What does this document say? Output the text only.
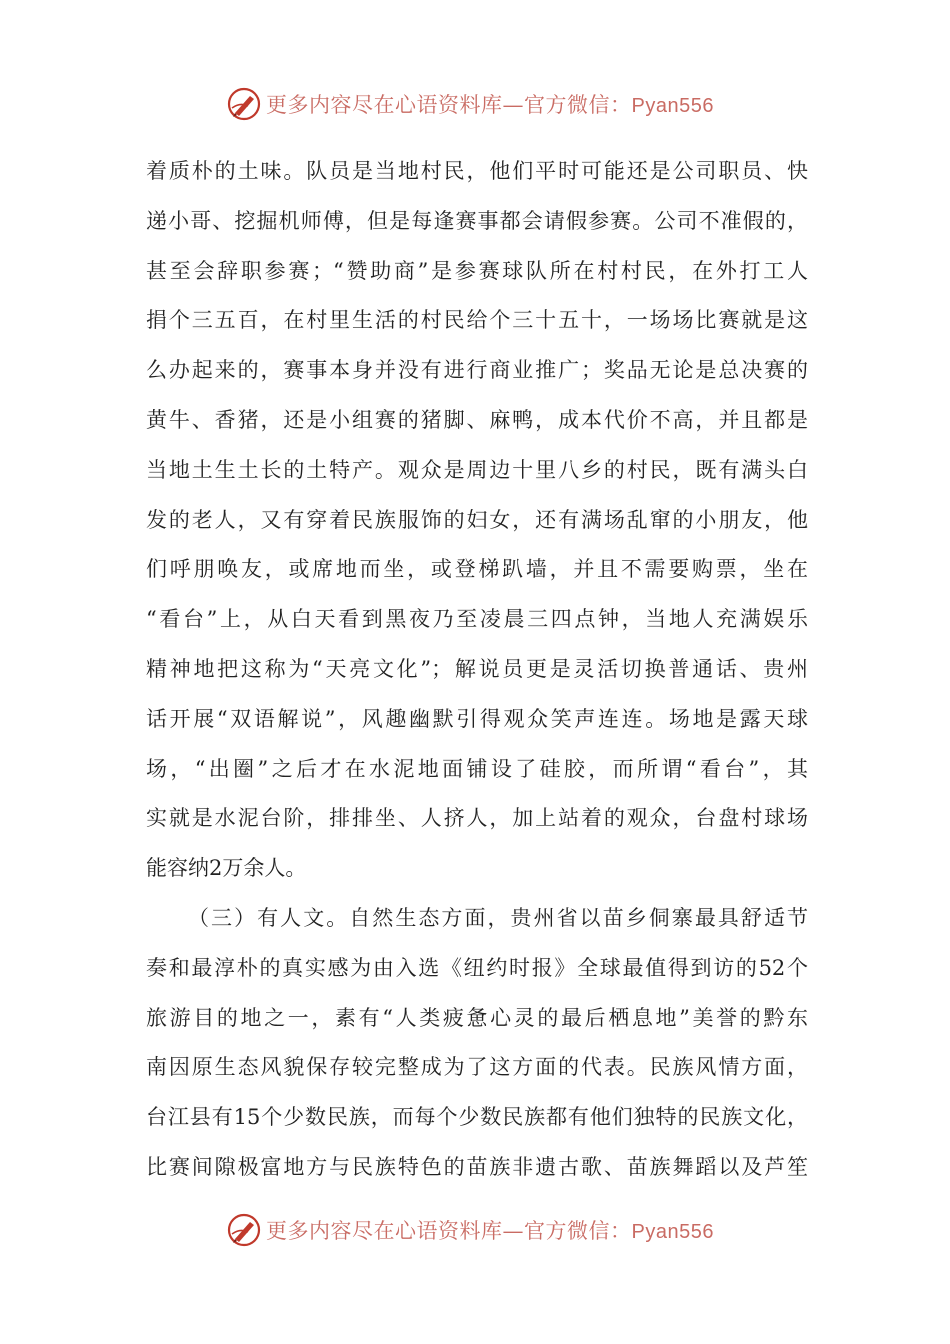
更多内容尽在心语资料库—官方微信：Pyan556
着质朴的土味。队员是当地村民，他们平时可能还是公司职员、快
递小哥、挖掘机师傅，但是每逢赛事都会请假参赛。公司不准假的，
甚至会辞职参赛；“赞助商”是参赛球队所在村村民，在外打工人
捐个三五百，在村里生活的村民给个三十五十，一场场比赛就是这
么办起来的，赛事本身并没有进行商业推广；奖品无论是总决赛的
黄牛、香猪，还是小组赛的猪脚、麻鸭，成本代价不高，并且都是
当地土生土长的土特产。观众是周边十里八乡的村民，既有满头白
发的老人，又有穿着民族服饰的妇女，还有满场乱窜的小朋友，他
们呼朋唤友，或席地而坐，或登梯趴墙，并且不需要购票，坐在
“看台”上，从白天看到黑夜乃至凌晨三四点钟，当地人充满娱乐
精神地把这称为“天亮文化”；解说员更是灵活切换普通话、贵州
话开展“双语解说”，风趣幽默引得观众笑声连连。场地是露天球
场，“出圈”之后才在水泥地面铺设了硅胶，而所谓“看台”，其
实就是水泥台阶，排排坐、人挤人，加上站着的观众，台盘村球场
能容纳2万余人。
（三）有人文。自然生态方面，贵州省以苗乡侗寨最具舒适节
奏和最淳朴的真实感为由入选《纽约时报》全球最值得到访的52个
旅游目的地之一，素有“人类疲惫心灵的最后栖息地”美誉的黔东
南因原生态风貌保存较完整成为了这方面的代表。民族风情方面，
台江县有15个少数民族，而每个少数民族都有他们独特的民族文化，
比赛间隙极富地方与民族特色的苗族非遗古歌、苗族舞蹈以及芦笙
更多内容尽在心语资料库—官方微信：Pyan556
